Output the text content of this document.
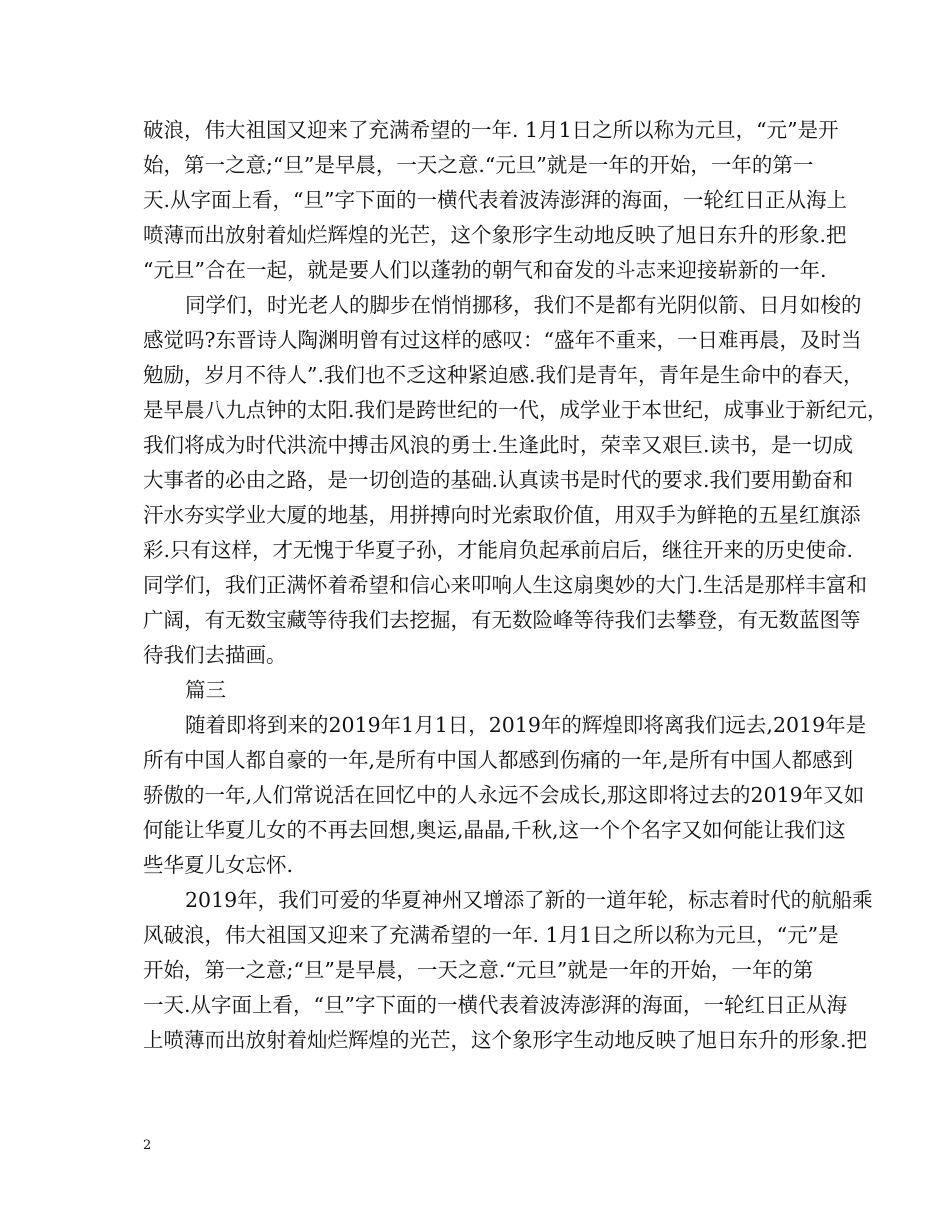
破浪，伟大祖国又迎来了充满希望的一年. 1月1日之所以称为元旦，“元”是开
始，第一之意;“旦”是早晨，一天之意.“元旦”就是一年的开始，一年的第一
天.从字面上看，“旦”字下面的一横代表着波涛澎湃的海面，一轮红日正从海上
喷薄而出放射着灿烂辉煌的光芒，这个象形字生动地反映了旭日东升的形象.把
“元旦”合在一起，就是要人们以蓬勃的朝气和奋发的斗志来迎接崭新的一年.
同学们，时光老人的脚步在悄悄挪移，我们不是都有光阴似箭、日月如梭的
感觉吗?东晋诗人陶渊明曾有过这样的感叹：“盛年不重来，一日难再晨，及时当
勉励，岁月不待人”.我们也不乏这种紧迫感.我们是青年，青年是生命中的春天，
是早晨八九点钟的太阳.我们是跨世纪的一代，成学业于本世纪，成事业于新纪元，
我们将成为时代洪流中搏击风浪的勇士.生逢此时，荣幸又艰巨.读书，是一切成
大事者的必由之路，是一切创造的基础.认真读书是时代的要求.我们要用勤奋和
汗水夯实学业大厦的地基，用拼搏向时光索取价值，用双手为鲜艳的五星红旗添
彩.只有这样，才无愧于华夏子孙，才能肩负起承前启后，继往开来的历史使命.
同学们，我们正满怀着希望和信心来叩响人生这扇奥妙的大门.生活是那样丰富和
广阔，有无数宝藏等待我们去挖掘，有无数险峰等待我们去攀登，有无数蓝图等
待我们去描画。
篇三
随着即将到来的2019年1月1日，2019年的辉煌即将离我们远去,2019年是
所有中国人都自豪的一年,是所有中国人都感到伤痛的一年,是所有中国人都感到
骄傲的一年,人们常说活在回忆中的人永远不会成长,那这即将过去的2019年又如
何能让华夏儿女的不再去回想,奥运,晶晶,千秋,这一个个名字又如何能让我们这
些华夏儿女忘怀.
2019年，我们可爱的华夏神州又增添了新的一道年轮，标志着时代的航船乘
风破浪，伟大祖国又迎来了充满希望的一年. 1月1日之所以称为元旦，“元”是
开始，第一之意;“旦”是早晨，一天之意.“元旦”就是一年的开始，一年的第
一天.从字面上看，“旦”字下面的一横代表着波涛澎湃的海面，一轮红日正从海
上喷薄而出放射着灿烂辉煌的光芒，这个象形字生动地反映了旭日东升的形象.把
2
